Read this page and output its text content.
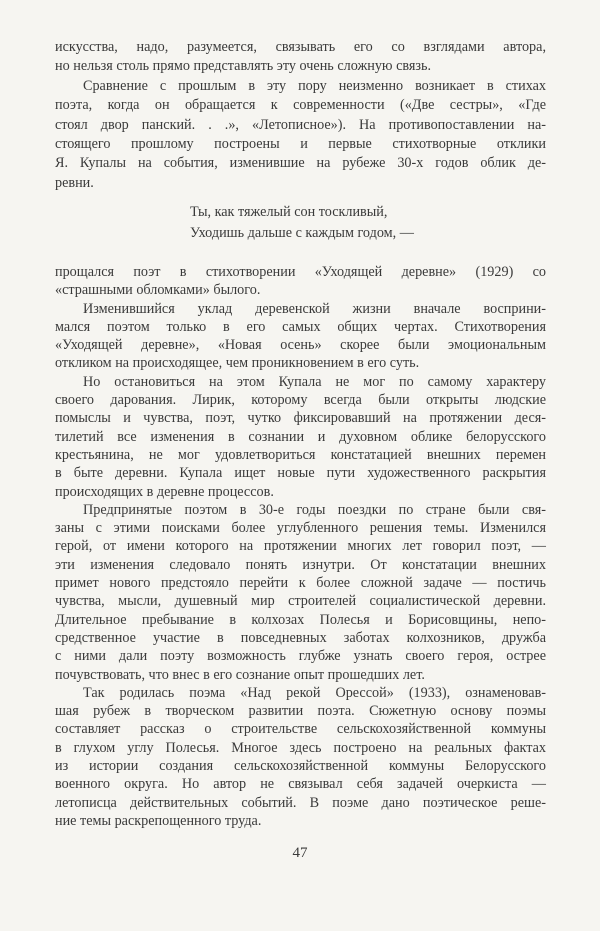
искусства, надо, разумеется, связывать его со взглядами автора,
но нельзя столь прямо представлять эту очень сложную связь.
Сравнение с прошлым в эту пору неизменно возникает в стихах
поэта, когда он обращается к современности («Две сестры», «Где
стоял двор панский. . .», «Летописное»). На противопоставлении на-
стоящего прошлому построены и первые стихотворные отклики
Я. Купалы на события, изменившие на рубеже 30-х годов облик де-
ревни.
Ты, как тяжелый сон тоскливый,
Уходишь дальше с каждым годом, —
прощался поэт в стихотворении «Уходящей деревне» (1929) со
«страшными обломками» былого.
Изменившийся уклад деревенской жизни вначале восприни-
мался поэтом только в его самых общих чертах. Стихотворения
«Уходящей деревне», «Новая осень» скорее были эмоциональным
откликом на происходящее, чем проникновением в его суть.
Но остановиться на этом Купала не мог по самому характеру
своего дарования. Лирик, которому всегда были открыты людские
помыслы и чувства, поэт, чутко фиксировавший на протяжении деся-
тилетий все изменения в сознании и духовном облике белорусского
крестьянина, не мог удовлетвориться констатацией внешних перемен
в быте деревни. Купала ищет новые пути художественного раскрытия
происходящих в деревне процессов.
Предпринятые поэтом в 30-е годы поездки по стране были свя-
заны с этими поисками более углубленного решения темы. Изменился
герой, от имени которого на протяжении многих лет говорил поэт, —
эти изменения следовало понять изнутри. От констатации внешних
примет нового предстояло перейти к более сложной задаче — постичь
чувства, мысли, душевный мир строителей социалистической деревни.
Длительное пребывание в колхозах Полесья и Борисовщины, непо-
средственное участие в повседневных заботах колхозников, дружба
с ними дали поэту возможность глубже узнать своего героя, острее
почувствовать, что внес в его сознание опыт прошедших лет.
Так родилась поэма «Над рекой Орессой» (1933), ознаменовав-
шая рубеж в творческом развитии поэта. Сюжетную основу поэмы
составляет рассказ о строительстве сельскохозяйственной коммуны
в глухом углу Полесья. Многое здесь построено на реальных фактах
из истории создания сельскохозяйственной коммуны Белорусского
военного округа. Но автор не связывал себя задачей очеркиста —
летописца действительных событий. В поэме дано поэтическое реше-
ние темы раскрепощенного труда.
47
